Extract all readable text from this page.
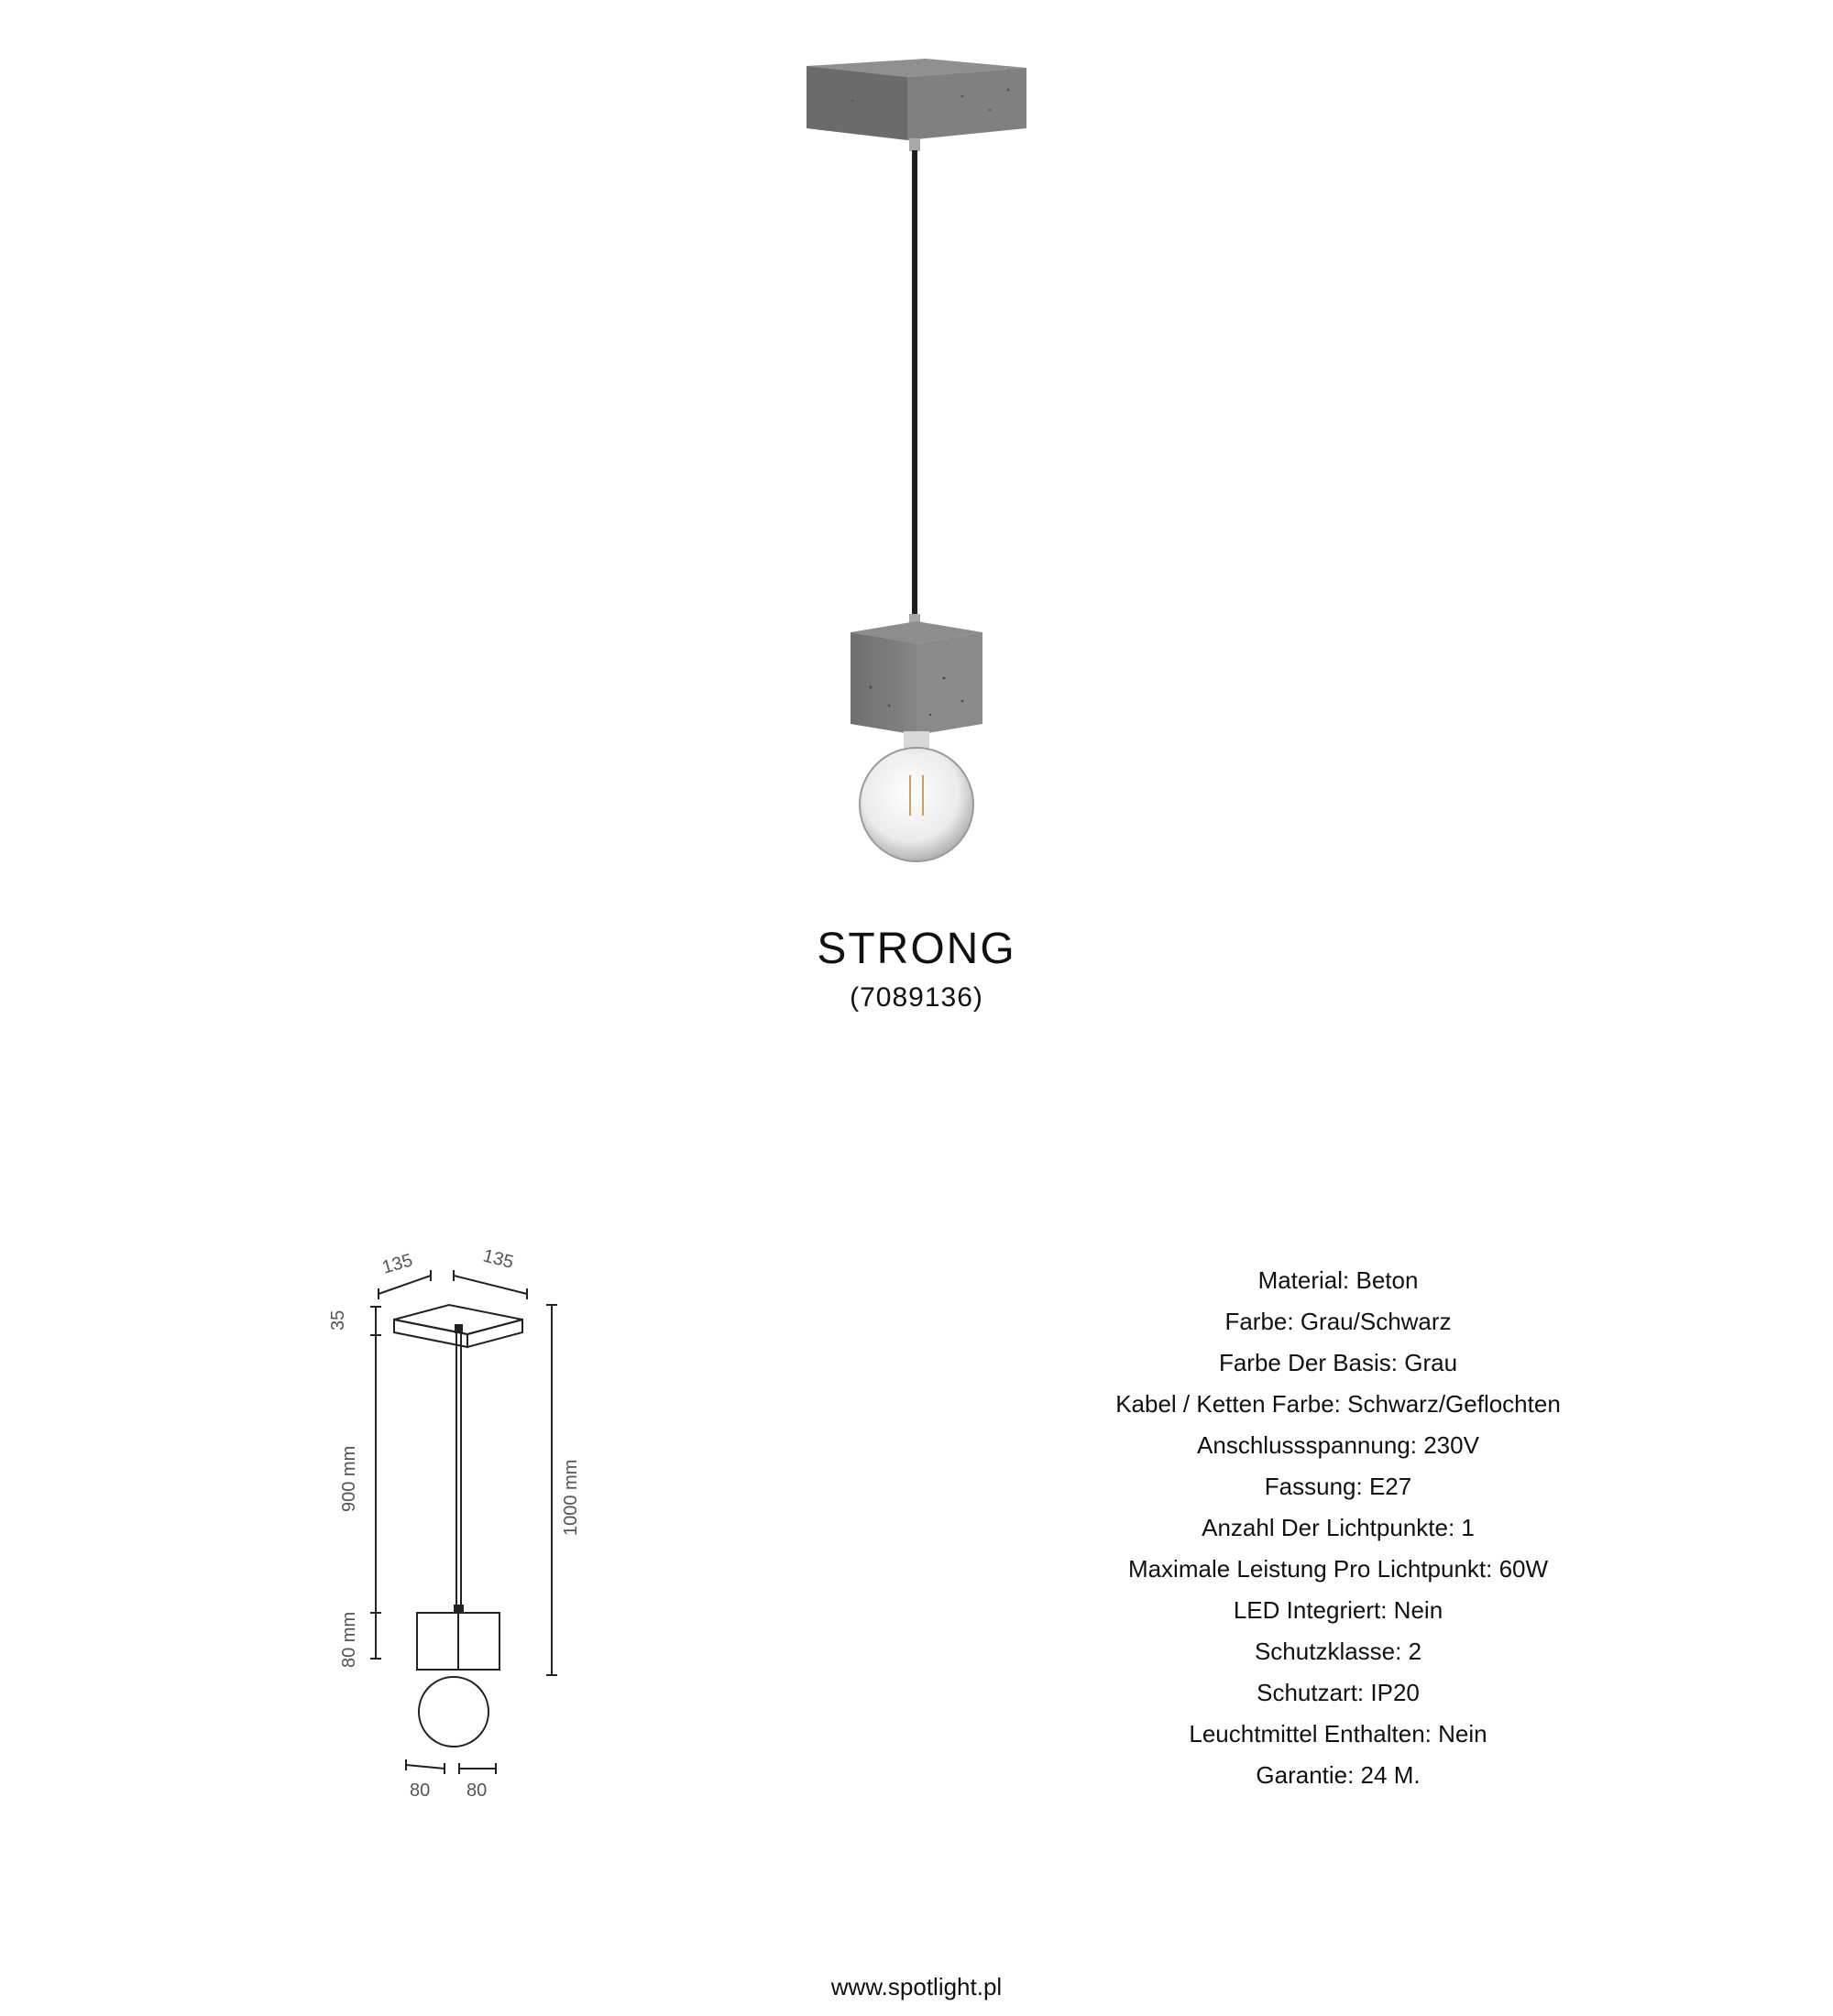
STRONG
(7089136)
135	135
35
900 mm
80 mm
1000 mm
80 80
Material: Beton
Farbe: Grau/Schwarz
Farbe Der Basis: Grau
Kabel / Ketten Farbe: Schwarz/Geflochten
Anschlussspannung: 230V
Fassung: E27
Anzahl Der Lichtpunkte: 1
Maximale Leistung Pro Lichtpunkt: 60W
LED Integriert: Nein
Schutzklasse: 2
Schutzart: IP20
Leuchtmittel Enthalten: Nein
Garantie: 24 M.
www.spotlight.pl
